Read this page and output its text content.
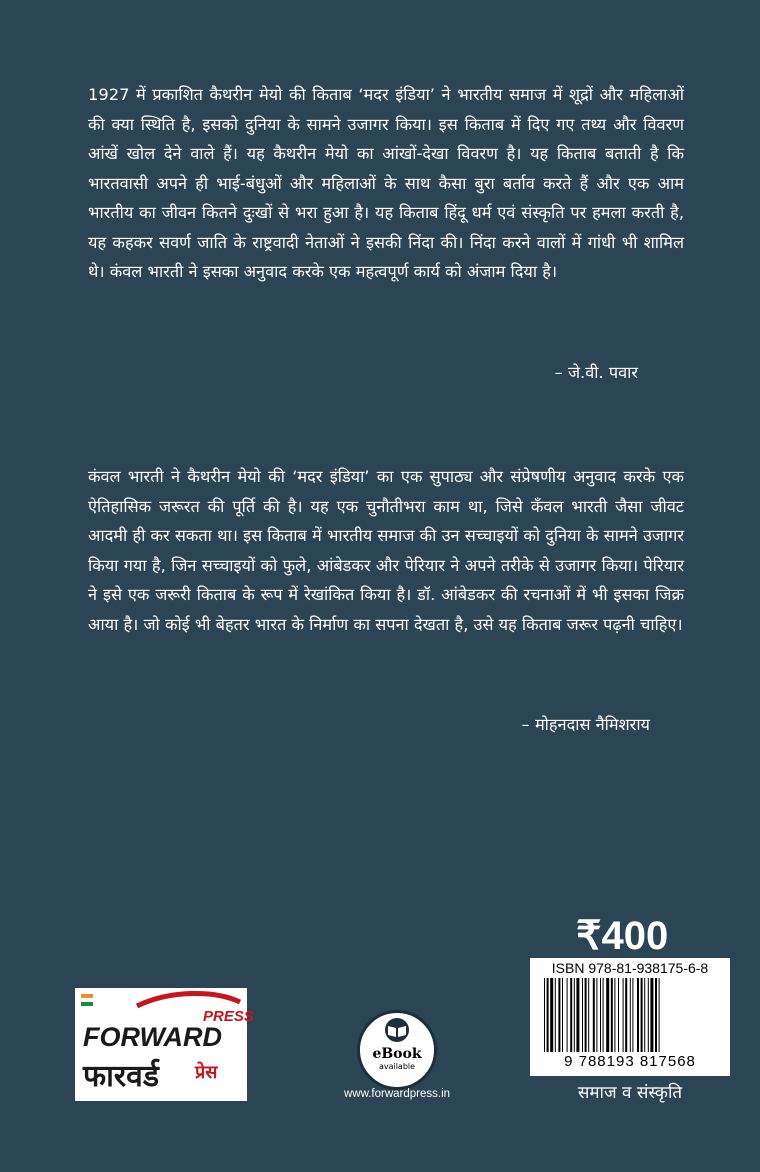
1927 में प्रकाशित कैथरीन मेयो की किताब ‘मदर इंडिया’ ने भारतीय समाज में शूद्रों और महिलाओं की क्या स्थिति है, इसको दुनिया के सामने उजागर किया। इस किताब में दिए गए तथ्य और विवरण आंखें खोल देने वाले हैं। यह कैथरीन मेयो का आंखों-देखा विवरण है। यह किताब बताती है कि भारतवासी अपने ही भाई-बंधुओं और महिलाओं के साथ कैसा बुरा बर्ताव करते हैं और एक आम भारतीय का जीवन कितने दुःखों से भरा हुआ है। यह किताब हिंदू धर्म एवं संस्कृति पर हमला करती है, यह कहकर सवर्ण जाति के राष्ट्रवादी नेताओं ने इसकी निंदा की। निंदा करने वालों में गांधी भी शामिल थे। कंवल भारती ने इसका अनुवाद करके एक महत्वपूर्ण कार्य को अंजाम दिया है।

– जे.वी. पवार

कंवल भारती ने कैथरीन मेयो की ‘मदर इंडिया’ का एक सुपाठ्य और संप्रेषणीय अनुवाद करके एक ऐतिहासिक जरूरत की पूर्ति की है। यह एक चुनौतीभरा काम था, जिसे कँवल भारती जैसा जीवट आदमी ही कर सकता था। इस किताब में भारतीय समाज की उन सच्चाइयों को दुनिया के सामने उजागर किया गया है, जिन सच्चाइयों को फुले, आंबेडकर और पेरियार ने अपने तरीके से उजागर किया। पेरियार ने इसे एक जरूरी किताब के रूप में रेखांकित किया है। डॉ. आंबेडकर की रचनाओं में भी इसका जिक्र आया है। जो कोई भी बेहतर भारत के निर्माण का सपना देखता है, उसे यह किताब जरूर पढ़नी चाहिए।

– मोहनदास नैमिशराय
₹400
ISBN 978-81-938175-6-8
9 788193 817568
समाज व संस्कृति
FORWARD
PRESS
फारवर्ड प्रेस
eBook
available
www.forwardpress.in
